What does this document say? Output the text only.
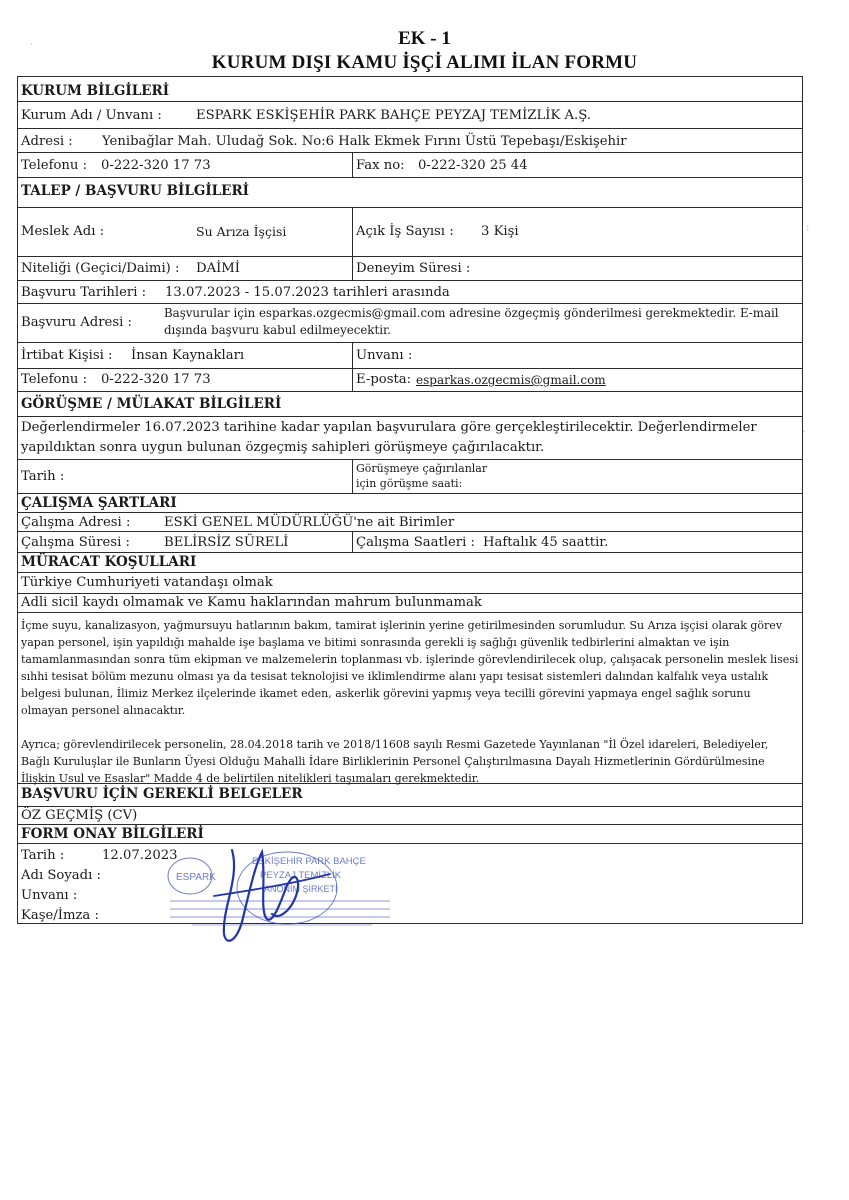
EK - 1
KURUM DIŞI KAMU İŞÇİ ALIMI İLAN FORMU
·
:
.
KURUM BİLGİLERİ
Kurum Adı / Unvanı :	ESPARK ESKİŞEHİR PARK BAHÇE PEYZAJ TEMİZLİK A.Ş.
Adresi : Yenibağlar Mah. Uludağ Sok. No:6 Halk Ekmek Fırını Üstü Tepebaşı/Eskişehir
Telefonu : 0-222-320 17 73	Fax no: 0-222-320 25 44
TALEP / BAŞVURU BİLGİLERİ
Meslek Adı :	Su Arıza İşçisi	Açık İş Sayısı : 3 Kişi
Niteliği (Geçici/Daimi) : DAİMİ	Deneyim Süresi :
Başvuru Tarihleri : 13.07.2023 - 15.07.2023 tarihleri arasında
Başvuru Adresi :
Başvurular için esparkas.ozgecmis@gmail.com adresine özgeçmiş gönderilmesi gerekmektedir. E-mail
dışında başvuru kabul edilmeyecektir.
İrtibat Kişisi : İnsan Kaynakları	Unvanı :
Telefonu : 0-222-320 17 73	E-posta: esparkas.ozgecmis@gmail.com
GÖRÜŞME / MÜLAKAT BİLGİLERİ
Değerlendirmeler 16.07.2023 tarihine kadar yapılan başvurulara göre gerçekleştirilecektir. Değerlendirmeler
yapıldıktan sonra uygun bulunan özgeçmiş sahipleri görüşmeye çağırılacaktır.
Tarih :
Görüşmeye çağırılanlar
için görüşme saati:
ÇALIŞMA ŞARTLARI
Çalışma Adresi :	ESKİ GENEL MÜDÜRLÜĞÜ'ne ait Birimler
Çalışma Süresi :	BELİRSİZ SÜRELİ	Çalışma Saatleri : Haftalık 45 saattir.
MÜRACAT KOŞULLARI
Türkiye Cumhuriyeti vatandaşı olmak
Adli sicil kaydı olmamak ve Kamu haklarından mahrum bulunmamak
İçme suyu, kanalizasyon, yağmursuyu hatlarının bakım, tamirat işlerinin yerine getirilmesinden sorumludur. Su Arıza işçisi olarak görev yapan personel, işin yapıldığı mahalde işe başlama ve bitimi sonrasında gerekli iş sağlığı güvenlik tedbirlerini almaktan ve işin tamamlanmasından sonra tüm ekipman ve malzemelerin toplanması vb. işlerinde görevlendirilecek olup, çalışacak personelin meslek lisesi sıhhi tesisat bölüm mezunu olması ya da tesisat teknolojisi ve iklimlendirme alanı yapı tesisat sistemleri dalından kalfalık veya ustalık belgesi bulunan, İlimiz Merkez ilçelerinde ikamet eden, askerlik görevini yapmış veya tecilli görevini yapmaya engel sağlık sorunu olmayan personel alınacaktır.
Ayrıca; görevlendirilecek personelin, 28.04.2018 tarih ve 2018/11608 sayılı Resmi Gazetede Yayınlanan "İl Özel idareleri, Belediyeler, Bağlı Kuruluşlar ile Bunların Üyesi Olduğu Mahalli İdare Birliklerinin Personel Çalıştırılmasına Dayalı Hizmetlerinin Gördürülmesine İlişkin Usul ve Esaslar" Madde 4 de belirtilen nitelikleri taşımaları gerekmektedir.
BAŞVURU İÇİN GEREKLİ BELGELER
ÖZ GEÇMİŞ (CV)
FORM ONAY BİLGİLERİ
Tarih :	12.07.2023
Adı Soyadı :
Unvanı :
Kaşe/İmza :
ESPARK
ESKİŞEHİR PARK BAHÇE
PEYZAJ TEMİZLİK
ANONİM ŞİRKETİ
